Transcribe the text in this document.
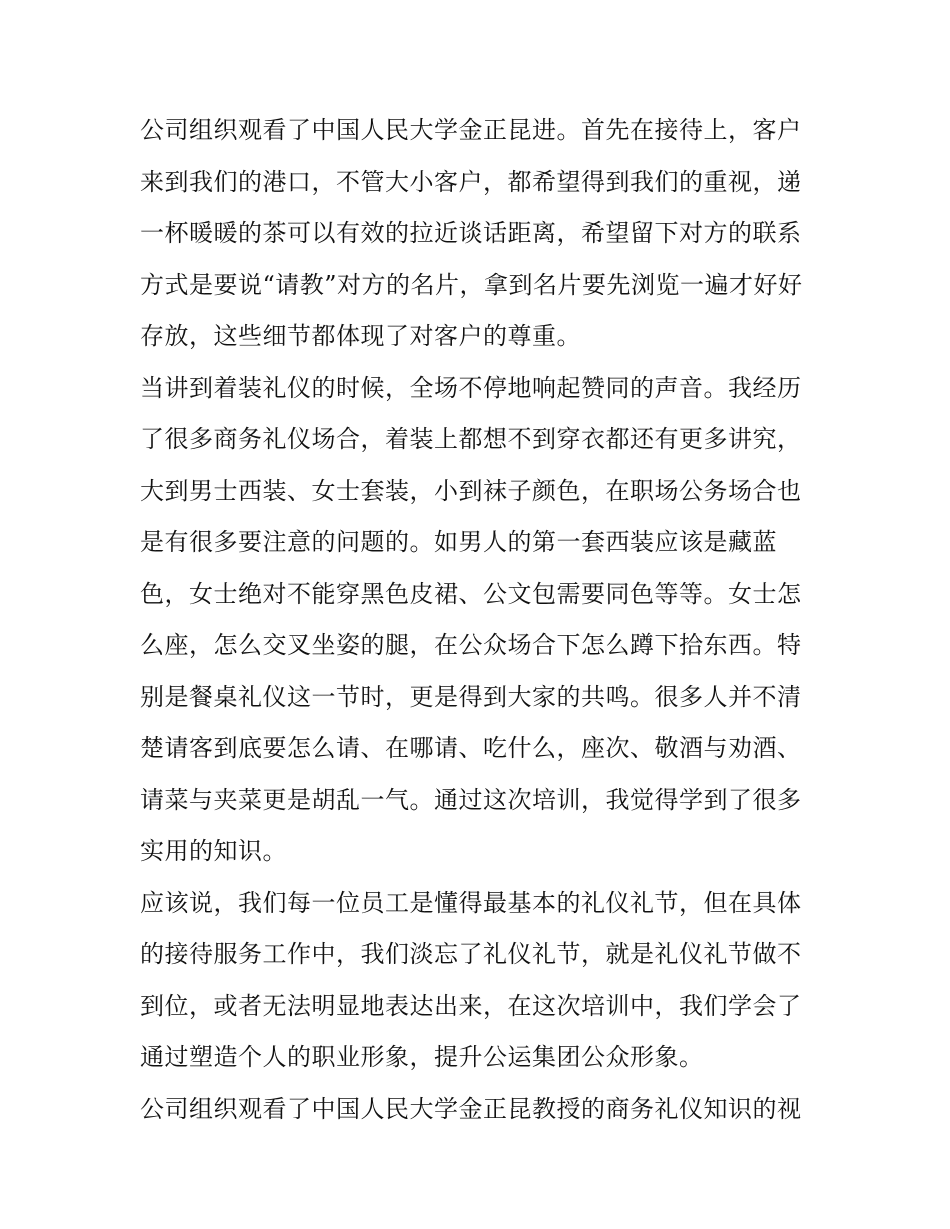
公司组织观看了中国人民大学金正昆进。首先在接待上，客户
来到我们的港口，不管大小客户，都希望得到我们的重视，递
一杯暖暖的茶可以有效的拉近谈话距离，希望留下对方的联系
方式是要说“请教”对方的名片，拿到名片要先浏览一遍才好好
存放，这些细节都体现了对客户的尊重。
当讲到着装礼仪的时候，全场不停地响起赞同的声音。我经历
了很多商务礼仪场合，着装上都想不到穿衣都还有更多讲究，
大到男士西装、女士套装，小到袜子颜色，在职场公务场合也
是有很多要注意的问题的。如男人的第一套西装应该是藏蓝
色，女士绝对不能穿黑色皮裙、公文包需要同色等等。女士怎
么座，怎么交叉坐姿的腿，在公众场合下怎么蹲下拾东西。特
别是餐桌礼仪这一节时，更是得到大家的共鸣。很多人并不清
楚请客到底要怎么请、在哪请、吃什么，座次、敬酒与劝酒、
请菜与夹菜更是胡乱一气。通过这次培训，我觉得学到了很多
实用的知识。
应该说，我们每一位员工是懂得最基本的礼仪礼节，但在具体
的接待服务工作中，我们淡忘了礼仪礼节，就是礼仪礼节做不
到位，或者无法明显地表达出来，在这次培训中，我们学会了
通过塑造个人的职业形象，提升公运集团公众形象。
公司组织观看了中国人民大学金正昆教授的商务礼仪知识的视
